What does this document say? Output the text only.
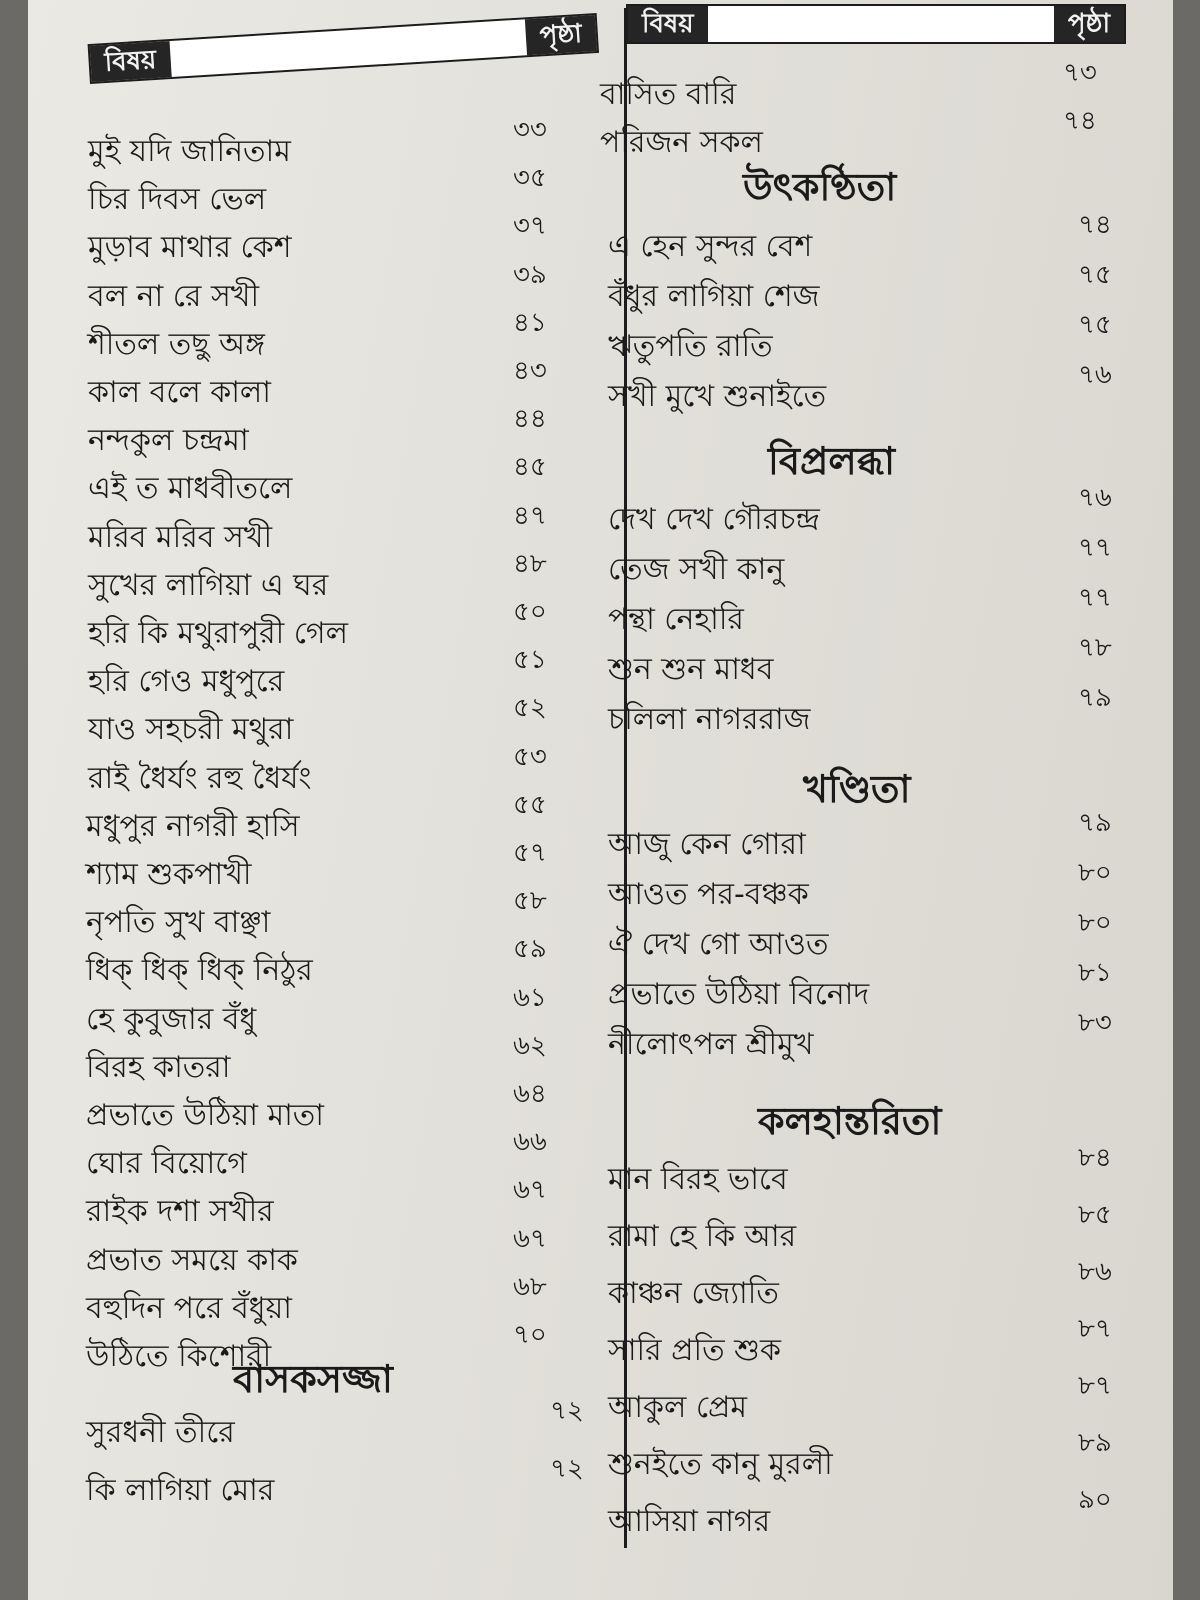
বিষয়
পৃষ্ঠা	বিষয়	পৃষ্ঠা
মুই যদি জানিতাম
৩৩
চির দিবস ভেল
৩৫
মুড়াব মাথার কেশ
৩৭
বল না রে সখী
৩৯
শীতল তছু অঙ্গ
৪১
কাল বলে কালা
৪৩
নন্দকুল চন্দ্রমা
৪৪
এই ত মাধবীতলে
৪৫
মরিব মরিব সখী
৪৭
সুখের লাগিয়া এ ঘর
৪৮
হরি কি মথুরাপুরী গেল
৫০
হরি গেও মধুপুরে
৫১
যাও সহচরী মথুরা
৫২
রাই ধৈর্যং রহু ধৈর্যং
৫৩
মধুপুর নাগরী হাসি
৫৫
শ্যাম শুকপাখী
৫৭
নৃপতি সুখ বাঞ্ছা
৫৮
ধিক্ ধিক্ ধিক্ নিঠুর
৫৯
হে কুবুজার বঁধু
৬১
বিরহ কাতরা
৬২
প্রভাতে উঠিয়া মাতা
৬৪
ঘোর বিয়োগে
৬৬
রাইক দশা সখীর
৬৭
প্রভাত সময়ে কাক
৬৭
বহুদিন পরে বঁধুয়া
৬৮
উঠিতে কিশোরী
৭০
বাসকসজ্জা
সুরধনী তীরে
৭২
কি লাগিয়া মোর
৭২
বাসিত বারি
৭৩
পরিজন সকল
৭৪
উৎকণ্ঠিতা
এ হেন সুন্দর বেশ
৭৪
বঁধুর লাগিয়া শেজ
৭৫
ঋতুপতি রাতি
৭৫
সখী মুখে শুনাইতে
৭৬
বিপ্রলব্ধা
দেখ দেখ গৌরচন্দ্র
৭৬
তেজ সখী কানু
৭৭
পন্থা নেহারি
৭৭
শুন শুন মাধব
৭৮
চলিলা নাগররাজ
৭৯
খণ্ডিতা
আজু কেন গোরা
৭৯
আওত পর-বঞ্চক
৮০
ঐ দেখ গো আওত
৮০
প্রভাতে উঠিয়া বিনোদ
৮১
নীলোৎপল শ্রীমুখ
৮৩
কলহান্তরিতা
মান বিরহ ভাবে
৮৪
রামা হে কি আর
৮৫
কাঞ্চন জ্যোতি
৮৬
সারি প্রতি শুক
৮৭
আকুল প্রেম
৮৭
শুনইতে কানু মুরলী
৮৯
আসিয়া নাগর
৯০
